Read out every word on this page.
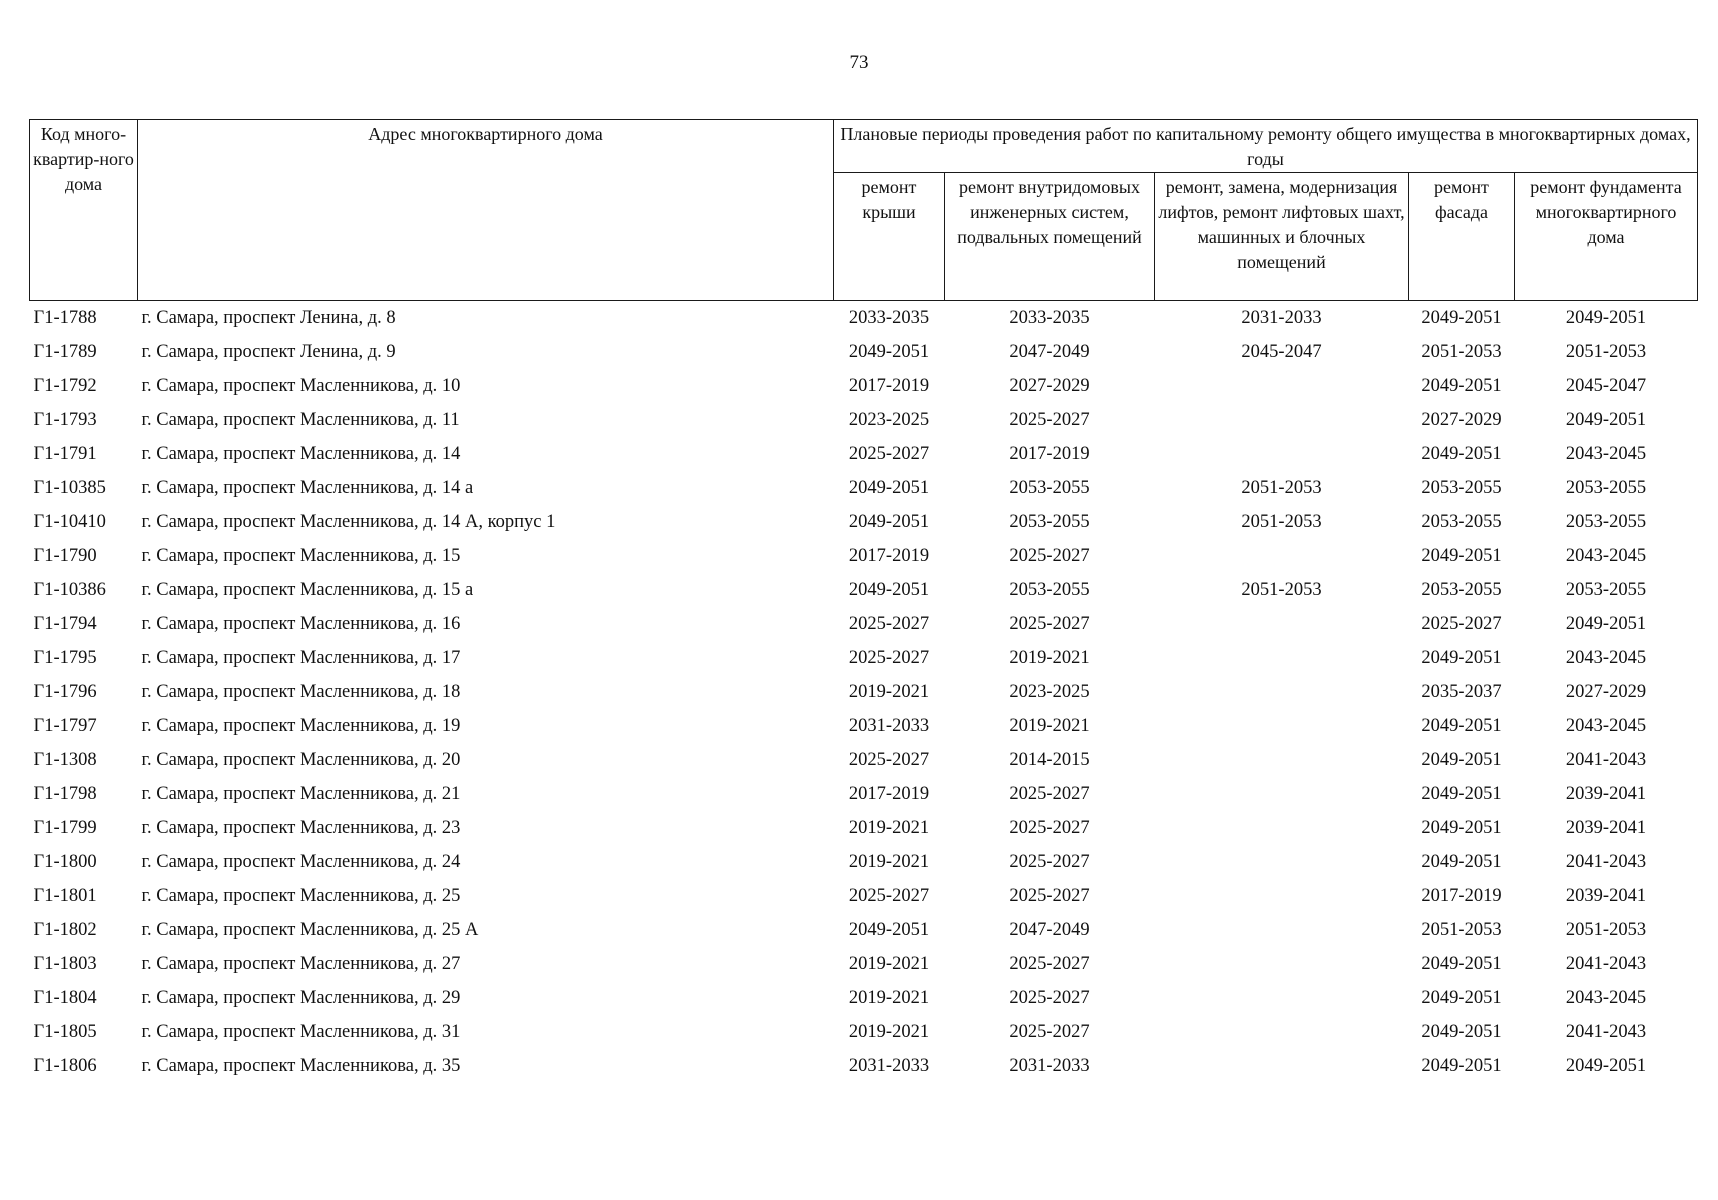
73
Код много-квартир-ного дома	Адрес многоквартирного дома	Плановые периоды проведения работ по капитальному ремонту общего имущества в многоквартирных домах, годы				
		ремонт крыши	ремонт внутридомовых инженерных систем, подвальных помещений	ремонт, замена, модернизация лифтов, ремонт лифтовых шахт, машинных и блочных помещений	ремонт фасада	ремонт фундамента многоквартирного дома
Г1-1788	г. Самара, проспект Ленина, д. 8	2033-2035	2033-2035	2031-2033	2049-2051	2049-2051
Г1-1789	г. Самара, проспект Ленина, д. 9	2049-2051	2047-2049	2045-2047	2051-2053	2051-2053
Г1-1792	г. Самара, проспект Масленникова, д. 10	2017-2019	2027-2029		2049-2051	2045-2047
Г1-1793	г. Самара, проспект Масленникова, д. 11	2023-2025	2025-2027		2027-2029	2049-2051
Г1-1791	г. Самара, проспект Масленникова, д. 14	2025-2027	2017-2019		2049-2051	2043-2045
Г1-10385	г. Самара, проспект Масленникова, д. 14 а	2049-2051	2053-2055	2051-2053	2053-2055	2053-2055
Г1-10410	г. Самара, проспект Масленникова, д. 14 А, корпус 1	2049-2051	2053-2055	2051-2053	2053-2055	2053-2055
Г1-1790	г. Самара, проспект Масленникова, д. 15	2017-2019	2025-2027		2049-2051	2043-2045
Г1-10386	г. Самара, проспект Масленникова, д. 15 а	2049-2051	2053-2055	2051-2053	2053-2055	2053-2055
Г1-1794	г. Самара, проспект Масленникова, д. 16	2025-2027	2025-2027		2025-2027	2049-2051
Г1-1795	г. Самара, проспект Масленникова, д. 17	2025-2027	2019-2021		2049-2051	2043-2045
Г1-1796	г. Самара, проспект Масленникова, д. 18	2019-2021	2023-2025		2035-2037	2027-2029
Г1-1797	г. Самара, проспект Масленникова, д. 19	2031-2033	2019-2021		2049-2051	2043-2045
Г1-1308	г. Самара, проспект Масленникова, д. 20	2025-2027	2014-2015		2049-2051	2041-2043
Г1-1798	г. Самара, проспект Масленникова, д. 21	2017-2019	2025-2027		2049-2051	2039-2041
Г1-1799	г. Самара, проспект Масленникова, д. 23	2019-2021	2025-2027		2049-2051	2039-2041
Г1-1800	г. Самара, проспект Масленникова, д. 24	2019-2021	2025-2027		2049-2051	2041-2043
Г1-1801	г. Самара, проспект Масленникова, д. 25	2025-2027	2025-2027		2017-2019	2039-2041
Г1-1802	г. Самара, проспект Масленникова, д. 25 А	2049-2051	2047-2049		2051-2053	2051-2053
Г1-1803	г. Самара, проспект Масленникова, д. 27	2019-2021	2025-2027		2049-2051	2041-2043
Г1-1804	г. Самара, проспект Масленникова, д. 29	2019-2021	2025-2027		2049-2051	2043-2045
Г1-1805	г. Самара, проспект Масленникова, д. 31	2019-2021	2025-2027		2049-2051	2041-2043
Г1-1806	г. Самара, проспект Масленникова, д. 35	2031-2033	2031-2033		2049-2051	2049-2051
